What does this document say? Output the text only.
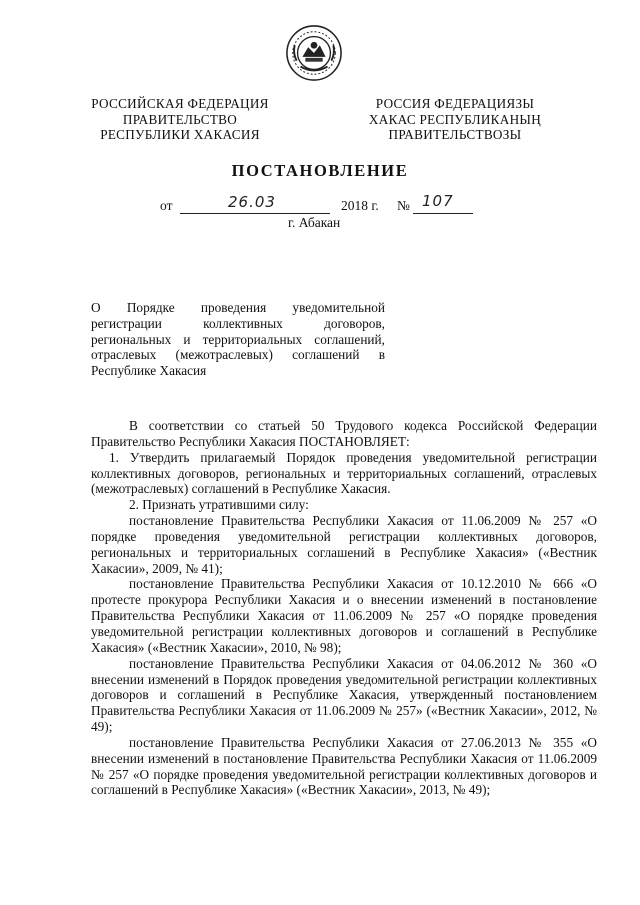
РОССИЙСКАЯ ФЕДЕРАЦИЯ
ПРАВИТЕЛЬСТВО
РЕСПУБЛИКИ ХАКАСИЯ
РОССИЯ ФЕДЕРАЦИЯЗЫ
ХАКАС РЕСПУБЛИКАНЫҢ
ПРАВИТЕЛЬСТВОЗЫ
ПОСТАНОВЛЕНИЕ
от	26.03	2018 г. № 107
г. Абакан
О Порядке проведения уведомительной
регистрации коллективных договоров,
региональных и территориальных соглашений,
отраслевых (межотраслевых) соглашений в
Республике Хакасия

В соответствии со статьей 50 Трудового кодекса Российской Федерации Правительство Республики Хакасия ПОСТАНОВЛЯЕТ:

1. Утвердить прилагаемый Порядок проведения уведомительной регистрации коллективных договоров, региональных и территориальных соглашений, отраслевых (межотраслевых) соглашений в Республике Хакасия.

2. Признать утратившими силу:

постановление Правительства Республики Хакасия от 11.06.2009 № 257 «О порядке проведения уведомительной регистрации коллективных договоров, региональных и территориальных соглашений в Республике Хакасия» («Вестник Хакасии», 2009, № 41);

постановление Правительства Республики Хакасия от 10.12.2010 № 666 «О протесте прокурора Республики Хакасия и о внесении изменений в постановление Правительства Республики Хакасия от 11.06.2009 № 257 «О порядке проведения уведомительной регистрации коллективных договоров и соглашений в Республике Хакасия» («Вестник Хакасии», 2010, № 98);

постановление Правительства Республики Хакасия от 04.06.2012 № 360 «О внесении изменений в Порядок проведения уведомительной регистрации коллективных договоров и соглашений в Республике Хакасия, утвержденный постановлением Правительства Республики Хакасия от 11.06.2009 № 257» («Вестник Хакасии», 2012, № 49);

постановление Правительства Республики Хакасия от 27.06.2013 № 355 «О внесении изменений в постановление Правительства Республики Хакасия от 11.06.2009 № 257 «О порядке проведения уведомительной регистрации коллективных договоров и соглашений в Республике Хакасия» («Вестник Хакасии», 2013, № 49);
